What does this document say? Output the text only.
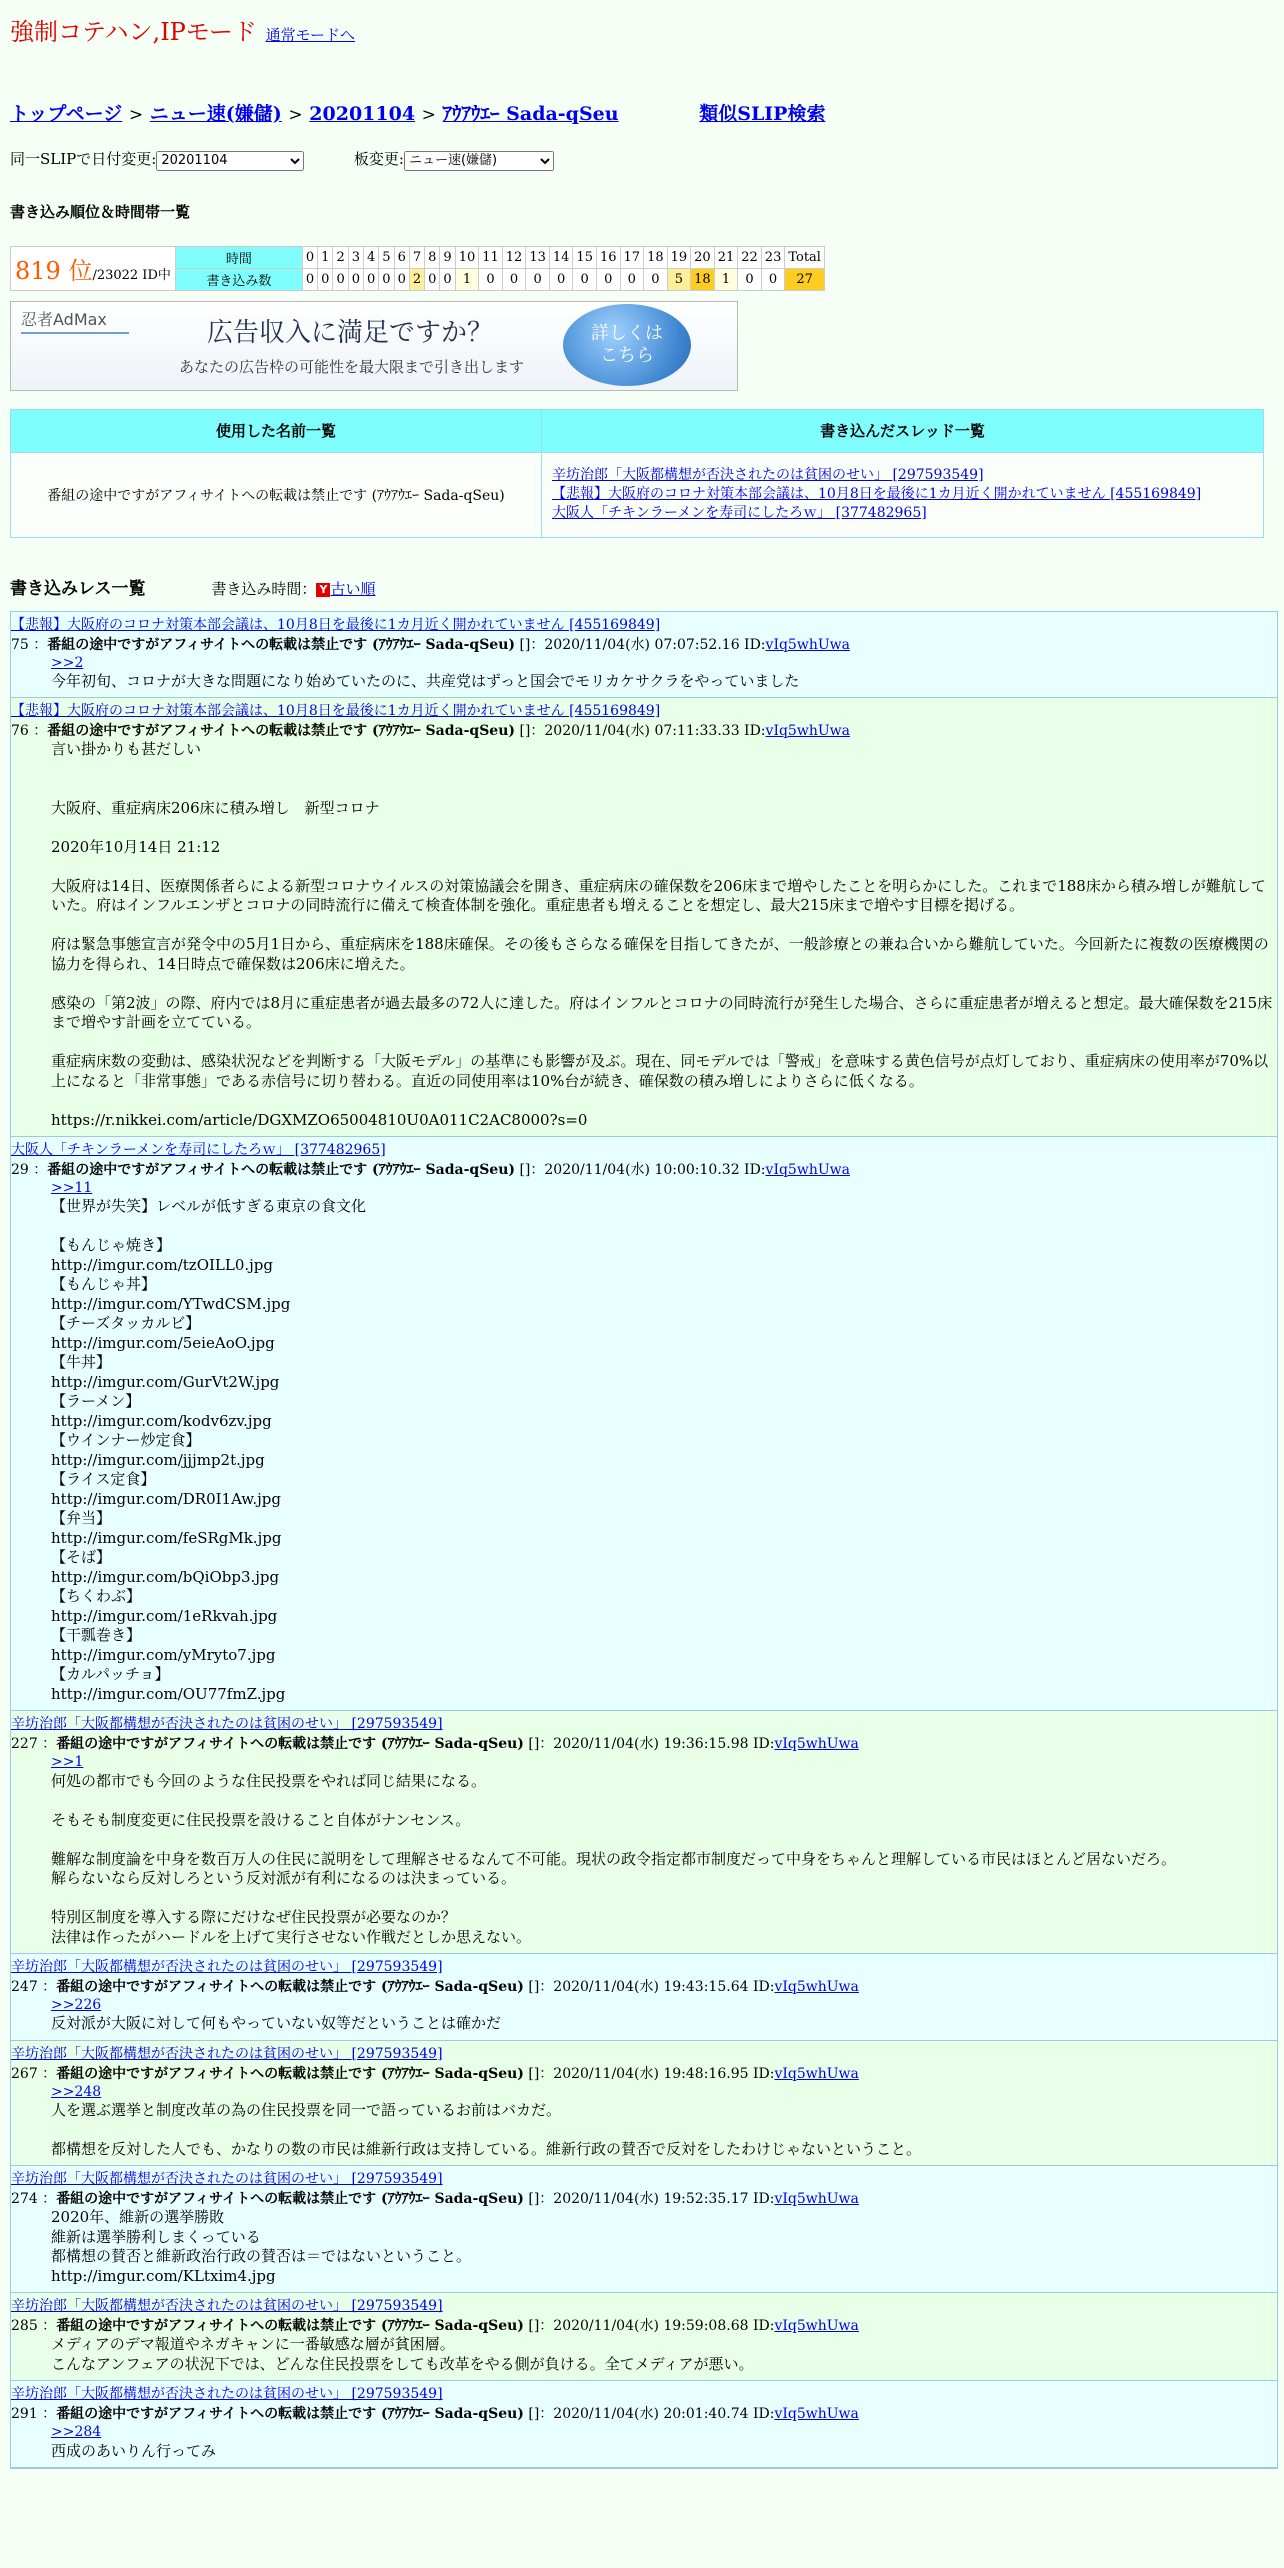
強制コテハン,IPモード 通常モードへ
トップページ > ニュー速(嫌儲) > 20201104 > ｱｳｱｳｴｰ Sada-qSeu	類似SLIP検索
同一SLIPで日付変更:
20201104	板変更:
ニュー速(嫌儲)
書き込み順位＆時間帯一覧
819 位/23022 ID中	時間	0	1	2	3	4	5	6	7	8	9	10	11	12	13	14	15	16	17	18	19	20	21	22	23	Total
	書き込み数	0	0	0	0	0	0	0	2	0	0	1	0	0	0	0	0	0	0	0	5	18	1	0	0	27
忍者AdMax	広告収入に満足ですか？
あなたの広告枠の可能性を最大限まで引き出します
詳しくは
こちら
使用した名前一覧	書き込んだスレッド一覧
番組の途中ですがアフィサイトへの転載は禁止です (ｱｳｱｳｴｰ Sada-qSeu)	辛坊治郎「大阪都構想が否決されたのは貧困のせい」 [297593549]
【悲報】大阪府のコロナ対策本部会議は、10月8日を最後に1カ月近く開かれていません [455169849]
大阪人「チキンラーメンを寿司にしたろｗ」 [377482965]

書き込みレス一覧	書き込み時間： Y 古い順
【悲報】大阪府のコロナ対策本部会議は、10月8日を最後に1カ月近く開かれていません [455169849]
75 ：番組の途中ですがアフィサイトへの転載は禁止です (ｱｳｱｳｴｰ Sada-qSeu) []：2020/11/04(水) 07:07:52.16 ID:vIq5whUwa
>>2
今年初旬、コロナが大きな問題になり始めていたのに、共産党はずっと国会でモリカケサクラをやっていました
【悲報】大阪府のコロナ対策本部会議は、10月8日を最後に1カ月近く開かれていません [455169849]
76 ：番組の途中ですがアフィサイトへの転載は禁止です (ｱｳｱｳｴｰ Sada-qSeu) []：2020/11/04(水) 07:11:33.33 ID:vIq5whUwa
言い掛かりも甚だしい

大阪府、重症病床206床に積み増し　新型コロナ

2020年10月14日 21:12

大阪府は14日、医療関係者らによる新型コロナウイルスの対策協議会を開き、重症病床の確保数を206床まで増やしたことを明らかにした。これまで188床から積み増しが難航していた。府はインフルエンザとコロナの同時流行に備えて検査体制を強化。重症患者も増えることを想定し、最大215床まで増やす目標を掲げる。

府は緊急事態宣言が発令中の5月1日から、重症病床を188床確保。その後もさらなる確保を目指してきたが、一般診療との兼ね合いから難航していた。今回新たに複数の医療機関の協力を得られ、14日時点で確保数は206床に増えた。

感染の「第2波」の際、府内では8月に重症患者が過去最多の72人に達した。府はインフルとコロナの同時流行が発生した場合、さらに重症患者が増えると想定。最大確保数を215床まで増やす計画を立てている。

重症病床数の変動は、感染状況などを判断する「大阪モデル」の基準にも影響が及ぶ。現在、同モデルでは「警戒」を意味する黄色信号が点灯しており、重症病床の使用率が70%以上になると「非常事態」である赤信号に切り替わる。直近の同使用率は10%台が続き、確保数の積み増しによりさらに低くなる。

https://r.nikkei.com/article/DGXMZO65004810U0A011C2AC8000?s=0
大阪人「チキンラーメンを寿司にしたろｗ」 [377482965]
29 ：番組の途中ですがアフィサイトへの転載は禁止です (ｱｳｱｳｴｰ Sada-qSeu) []：2020/11/04(水) 10:00:10.32 ID:vIq5whUwa
>>11
【世界が失笑】レベルが低すぎる東京の食文化

【もんじゃ焼き】
http://imgur.com/tzOILL0.jpg
【もんじゃ丼】
http://imgur.com/YTwdCSM.jpg
【チーズタッカルビ】
http://imgur.com/5eieAoO.jpg
【牛丼】
http://imgur.com/GurVt2W.jpg
【ラーメン】
http://imgur.com/kodv6zv.jpg
【ウインナー炒定食】
http://imgur.com/jjjmp2t.jpg
【ライス定食】
http://imgur.com/DR0I1Aw.jpg
【弁当】
http://imgur.com/feSRgMk.jpg
【そば】
http://imgur.com/bQiObp3.jpg
【ちくわぶ】
http://imgur.com/1eRkvah.jpg
【干瓢巻き】
http://imgur.com/yMryto7.jpg
【カルパッチョ】
http://imgur.com/OU77fmZ.jpg
辛坊治郎「大阪都構想が否決されたのは貧困のせい」 [297593549]
227 ：番組の途中ですがアフィサイトへの転載は禁止です (ｱｳｱｳｴｰ Sada-qSeu) []：2020/11/04(水) 19:36:15.98 ID:vIq5whUwa
>>1
何処の都市でも今回のような住民投票をやれば同じ結果になる。

そもそも制度変更に住民投票を設けること自体がナンセンス。

難解な制度論を中身を数百万人の住民に説明をして理解させるなんて不可能。現状の政令指定都市制度だって中身をちゃんと理解している市民はほとんど居ないだろ。
解らないなら反対しろという反対派が有利になるのは決まっている。

特別区制度を導入する際にだけなぜ住民投票が必要なのか？
法律は作ったがハードルを上げて実行させない作戦だとしか思えない。
辛坊治郎「大阪都構想が否決されたのは貧困のせい」 [297593549]
247 ：番組の途中ですがアフィサイトへの転載は禁止です (ｱｳｱｳｴｰ Sada-qSeu) []：2020/11/04(水) 19:43:15.64 ID:vIq5whUwa
>>226
反対派が大阪に対して何もやっていない奴等だということは確かだ
辛坊治郎「大阪都構想が否決されたのは貧困のせい」 [297593549]
267 ：番組の途中ですがアフィサイトへの転載は禁止です (ｱｳｱｳｴｰ Sada-qSeu) []：2020/11/04(水) 19:48:16.95 ID:vIq5whUwa
>>248
人を選ぶ選挙と制度改革の為の住民投票を同一で語っているお前はバカだ。

都構想を反対した人でも、かなりの数の市民は維新行政は支持している。維新行政の賛否で反対をしたわけじゃないということ。
辛坊治郎「大阪都構想が否決されたのは貧困のせい」 [297593549]
274 ：番組の途中ですがアフィサイトへの転載は禁止です (ｱｳｱｳｴｰ Sada-qSeu) []：2020/11/04(水) 19:52:35.17 ID:vIq5whUwa
2020年、維新の選挙勝敗
維新は選挙勝利しまくっている
都構想の賛否と維新政治行政の賛否は＝ではないということ。
http://imgur.com/KLtxim4.jpg
辛坊治郎「大阪都構想が否決されたのは貧困のせい」 [297593549]
285 ：番組の途中ですがアフィサイトへの転載は禁止です (ｱｳｱｳｴｰ Sada-qSeu) []：2020/11/04(水) 19:59:08.68 ID:vIq5whUwa
メディアのデマ報道やネガキャンに一番敏感な層が貧困層。
こんなアンフェアの状況下では、どんな住民投票をしても改革をやる側が負ける。全てメディアが悪い。
辛坊治郎「大阪都構想が否決されたのは貧困のせい」 [297593549]
291 ：番組の途中ですがアフィサイトへの転載は禁止です (ｱｳｱｳｴｰ Sada-qSeu) []：2020/11/04(水) 20:01:40.74 ID:vIq5whUwa
>>284
西成のあいりん行ってみ
